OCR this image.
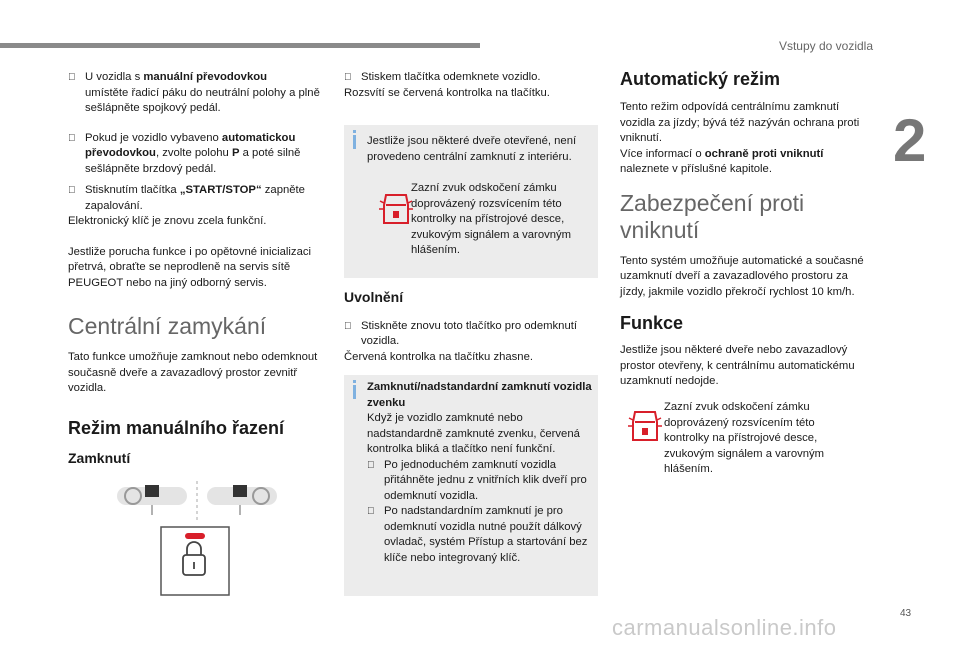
Vstupy do vozidla
2
U vozidla s manuální převodovkou
umístěte řadicí páku do neutrální polohy a plně sešlápněte spojkový pedál.
Pokud je vozidlo vybaveno automatickou převodovkou, zvolte polohu P a poté silně sešlápněte brzdový pedál.
Stisknutím tlačítka „START/STOP“ zapněte zapalování.

Elektronický klíč je znovu zcela funkční.

Jestliže porucha funkce i po opětovné inicializaci přetrvá, obraťte se neprodleně na servis sítě PEUGEOT nebo na jiný odborný servis.

Centrální zamykání

Tato funkce umožňuje zamknout nebo odemknout současně dveře a zavazadlový prostor zevnitř vozidla.

Režim manuálního řazení
Zamknutí
Stiskem tlačítka odemknete vozidlo.

Rozsvítí se červená kontrolka na tlačítku.

Jestliže jsou některé dveře otevřené, není provedeno centrální zamknutí z interiéru.
Zazní zvuk odskočení zámku doprovázený rozsvícením této kontrolky na přístrojové desce, zvukovým signálem a varovným hlášením.
Uvolnění
Stiskněte znovu toto tlačítko pro odemknutí vozidla.

Červená kontrolka na tlačítku zhasne.

Zamknutí/nadstandardní zamknutí vozidla zvenku

Když je vozidlo zamknuté nebo nadstandardně zamknuté zvenku, červená kontrolka bliká a tlačítko není funkční.

Po jednoduchém zamknutí vozidla přitáhněte jednu z vnitřních klik dveří pro odemknutí vozidla.
Po nadstandardním zamknutí je pro odemknutí vozidla nutné použít dálkový ovladač, systém Přístup a startování bez klíče nebo integrovaný klíč.
Automatický režim

Tento režim odpovídá centrálnímu zamknutí vozidla za jízdy; bývá též nazýván ochrana proti vniknutí.

Více informací o ochraně proti vniknutí naleznete v příslušné kapitole.

Zabezpečení proti vniknutí

Tento systém umožňuje automatické a současné uzamknutí dveří a zavazadlového prostoru za jízdy, jakmile vozidlo překročí rychlost 10 km/h.

Funkce

Jestliže jsou některé dveře nebo zavazadlový prostor otevřeny, k centrálnímu automatickému uzamknutí nedojde.

Zazní zvuk odskočení zámku doprovázený rozsvícením této kontrolky na přístrojové desce, zvukovým signálem a varovným hlášením.
43
carmanualsonline.info
